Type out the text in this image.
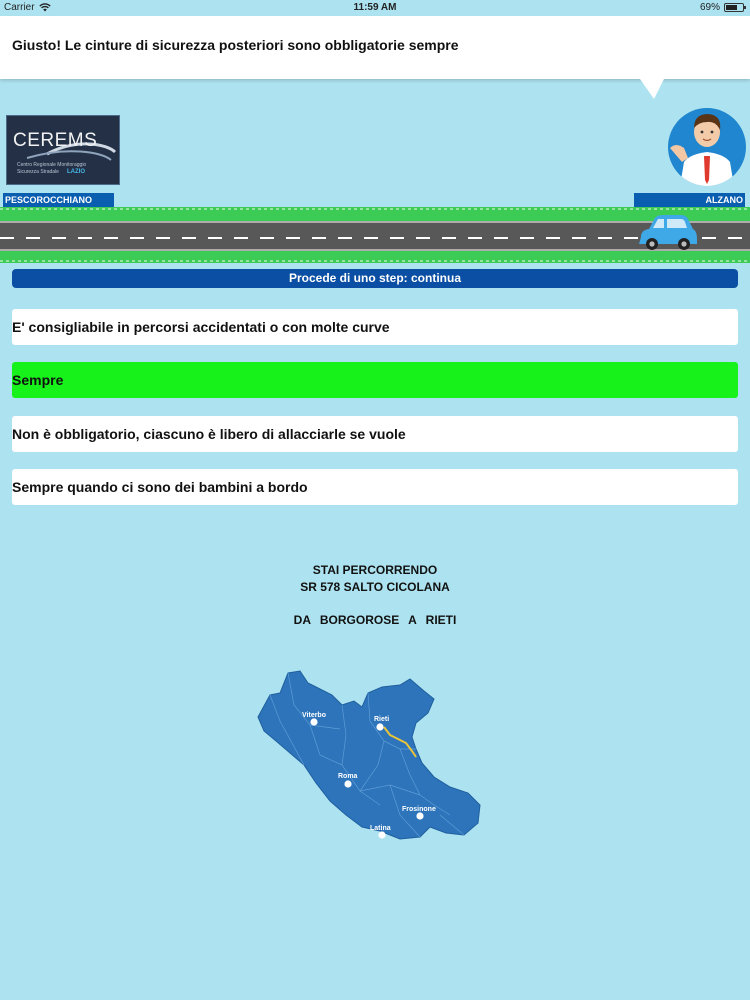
Carrier	11:59 AM	69%
Giusto! Le cinture di sicurezza posteriori sono obbligatorie sempre
CEREMS
Centro Regionale Monitoraggio
Sicurezza Stradale LAZIO
PESCOROCCHIANO	ALZANO
Procede di uno step: continua
E' consigliabile in percorsi accidentati o con molte curve
Sempre
Non è obbligatorio, ciascuno è libero di allacciarle se vuole
Sempre quando ci sono dei bambini a bordo
STAI PERCORRENDO
SR 578 SALTO CICOLANA
DA BORGOROSE A RIETI
Viterbo
Rieti
Roma
Frosinone
Latina
